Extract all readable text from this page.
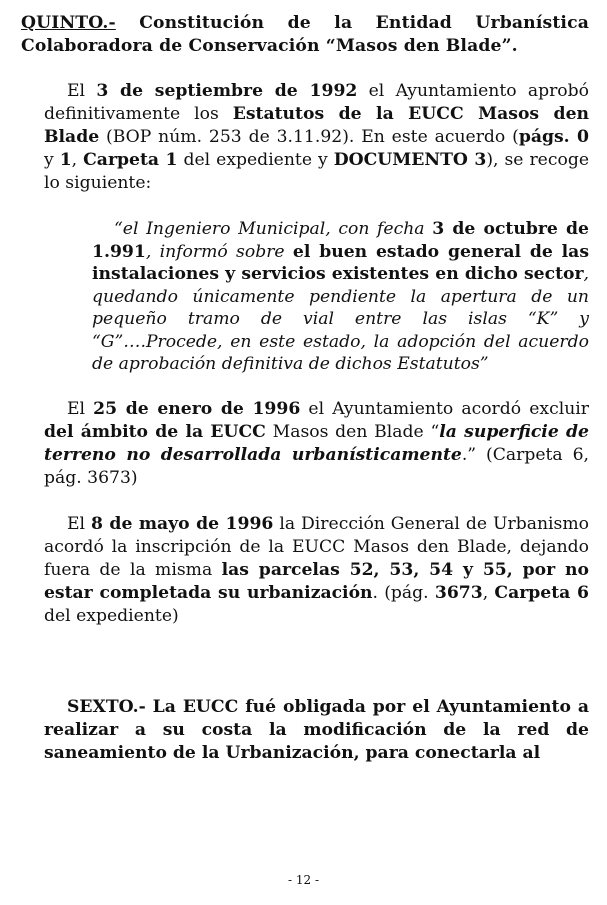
QUINTO.- Constitución de la Entidad Urbanística Colaboradora de Conservación “Masos den Blade”.
El 3 de septiembre de 1992 el Ayuntamiento aprobó definitivamente los Estatutos de la EUCC Masos den Blade (BOP núm. 253 de 3.11.92). En este acuerdo (págs. 0 y 1, Carpeta 1 del expediente y DOCUMENTO 3), se recoge lo siguiente:
“el Ingeniero Municipal, con fecha 3 de octubre de 1.991, informó sobre el buen estado general de las instalaciones y servicios existentes en dicho sector, quedando únicamente pendiente la apertura de un pequeño tramo de vial entre las islas “K” y “G”….Procede, en este estado, la adopción del acuerdo de aprobación definitiva de dichos Estatutos”
El 25 de enero de 1996 el Ayuntamiento acordó excluir del ámbito de la EUCC Masos den Blade “la superficie de terreno no desarrollada urbanísticamente.” (Carpeta 6, pág. 3673)
El 8 de mayo de 1996 la Dirección General de Urbanismo acordó la inscripción de la EUCC Masos den Blade, dejando fuera de la misma las parcelas 52, 53, 54 y 55, por no estar completada su urbanización. (pág. 3673, Carpeta 6 del expediente)
SEXTO.- La EUCC fué obligada por el Ayuntamiento a realizar a su costa la modificación de la red de saneamiento de la Urbanización, para conectarla al
- 12 -
